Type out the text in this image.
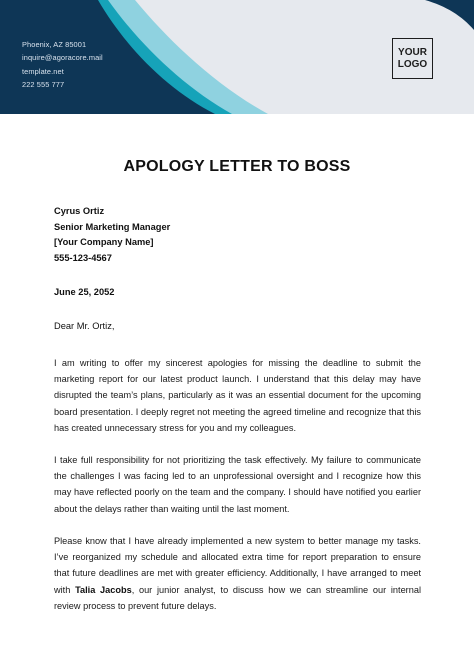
Phoenix, AZ 85001
inquire@agoracore.mail
template.net
222 555 777
YOUR
LOGO
APOLOGY LETTER TO BOSS
Cyrus Ortiz
Senior Marketing Manager
[Your Company Name]
555-123-4567
June 25, 2052
Dear Mr. Ortiz,
I am writing to offer my sincerest apologies for missing the deadline to submit the marketing report for our latest product launch. I understand that this delay may have disrupted the team’s plans, particularly as it was an essential document for the upcoming board presentation. I deeply regret not meeting the agreed timeline and recognize that this has created unnecessary stress for you and my colleagues.
I take full responsibility for not prioritizing the task effectively. My failure to communicate the challenges I was facing led to an unprofessional oversight and I recognize how this may have reflected poorly on the team and the company. I should have notified you earlier about the delays rather than waiting until the last moment.
Please know that I have already implemented a new system to better manage my tasks. I’ve reorganized my schedule and allocated extra time for report preparation to ensure that future deadlines are met with greater efficiency. Additionally, I have arranged to meet with Talia Jacobs, our junior analyst, to discuss how we can streamline our internal review process to prevent future delays.
